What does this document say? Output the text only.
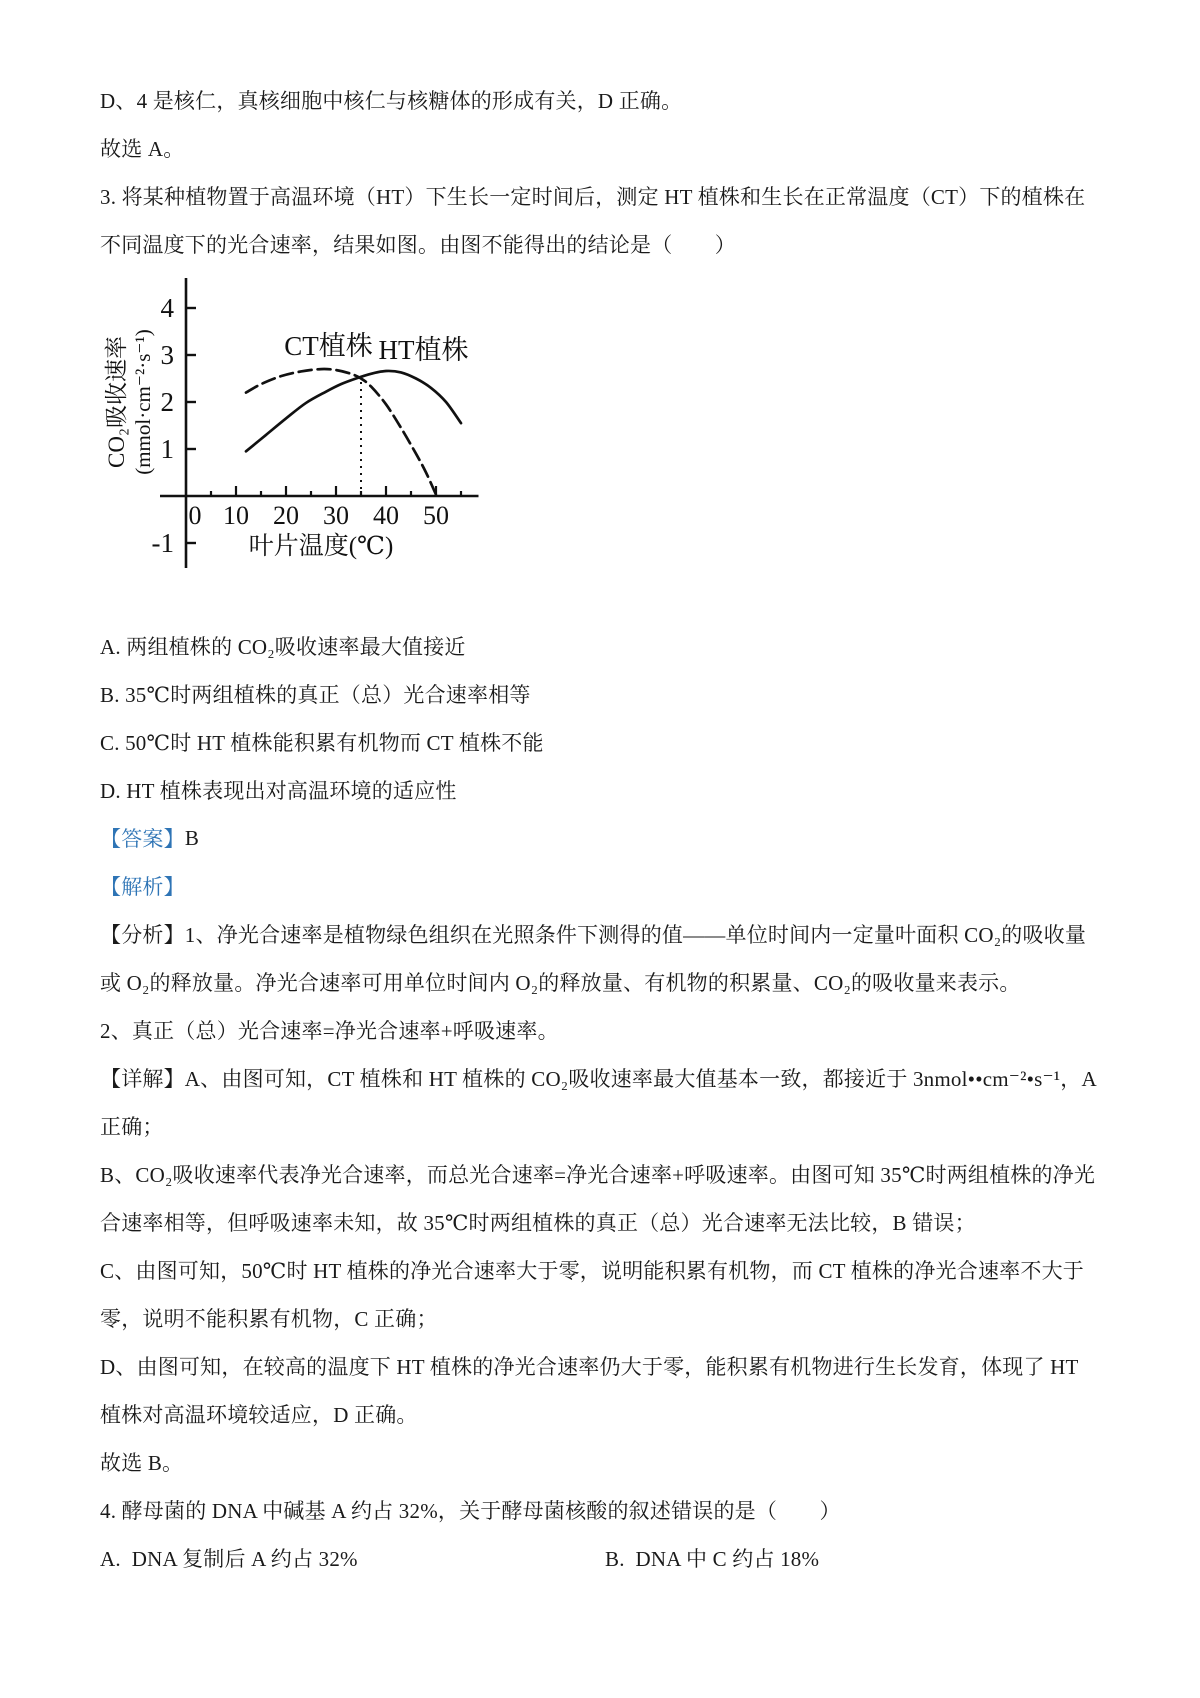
D、4 是核仁，真核细胞中核仁与核糖体的形成有关，D 正确。
故选 A。
3. 将某种植物置于高温环境（HT）下生长一定时间后，测定 HT 植株和生长在正常温度（CT）下的植株在
不同温度下的光合速率，结果如图。由图不能得出的结论是（　　）
-1
1
2
3
4
0 10 20 30 40 50
叶片温度(℃)
CO₂吸收速率 (mmol·cm⁻²·s⁻¹)	CT植株 HT植株
A. 两组植株的 CO₂吸收速率最大值接近
B. 35℃时两组植株的真正（总）光合速率相等
C. 50℃时 HT 植株能积累有机物而 CT 植株不能
D. HT 植株表现出对高温环境的适应性
【答案】 B
【解析】
【分析】1、净光合速率是植物绿色组织在光照条件下测得的值——单位时间内一定量叶面积 CO₂的吸收量
或 O₂的释放量。净光合速率可用单位时间内 O₂的释放量、有机物的积累量、CO₂的吸收量来表示。
2、真正（总）光合速率=净光合速率+呼吸速率。
【详解】A、由图可知，CT 植株和 HT 植株的 CO₂吸收速率最大值基本一致，都接近于 3nmol••cm⁻²•s⁻¹，A
正确；
B、CO₂吸收速率代表净光合速率，而总光合速率=净光合速率+呼吸速率。由图可知 35℃时两组植株的净光
合速率相等，但呼吸速率未知，故 35℃时两组植株的真正（总）光合速率无法比较，B 错误；
C、由图可知，50℃时 HT 植株的净光合速率大于零，说明能积累有机物，而 CT 植株的净光合速率不大于
零，说明不能积累有机物，C 正确；
D、由图可知，在较高的温度下 HT 植株的净光合速率仍大于零，能积累有机物进行生长发育，体现了 HT
植株对高温环境较适应，D 正确。
故选 B。
4. 酵母菌的 DNA 中碱基 A 约占 32%，关于酵母菌核酸的叙述错误的是（　　）
A.  DNA 复制后 A 约占 32%	B.  DNA 中 C 约占 18%
